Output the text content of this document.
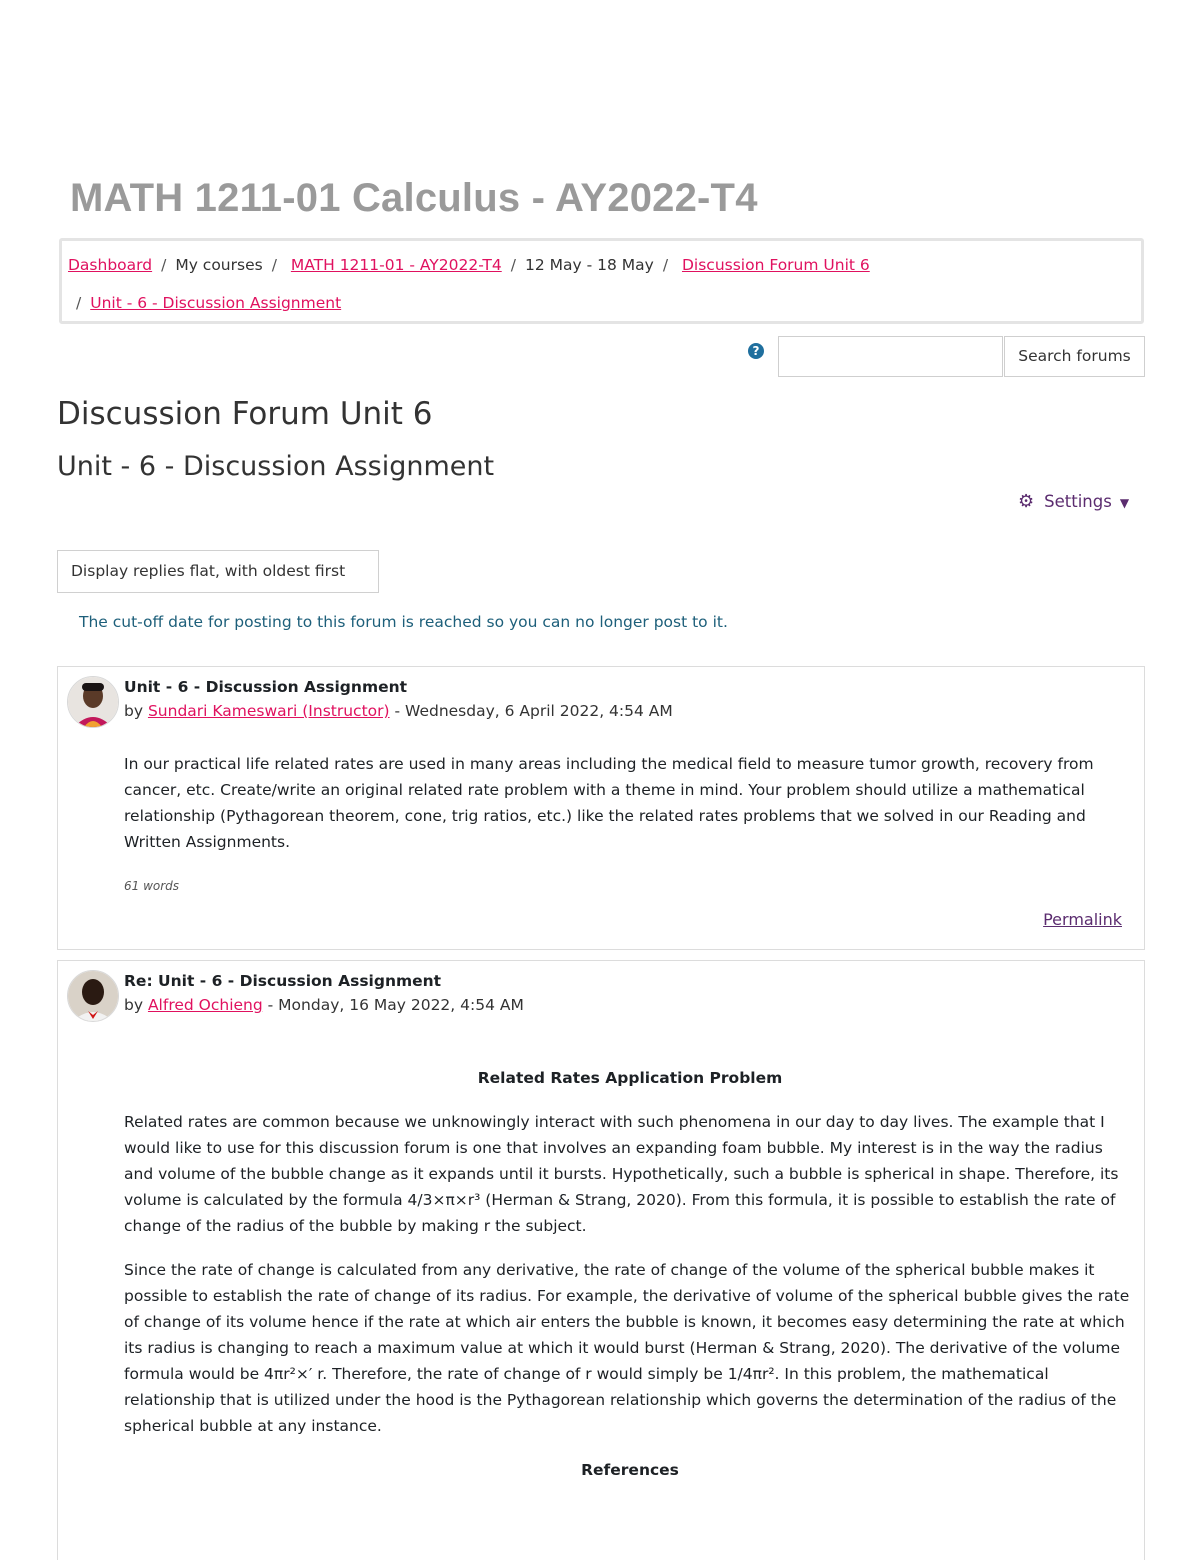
MATH 1211-01 Calculus - AY2022-T4
Dashboard / My courses / MATH 1211-01 - AY2022-T4 / 12 May - 18 May / Discussion Forum Unit 6
/ Unit - 6 - Discussion Assignment
?	Search forums
Discussion Forum Unit 6
Unit - 6 - Discussion Assignment
⚙ Settings ▼
Display replies flat, with oldest first
The cut-off date for posting to this forum is reached so you can no longer post to it.
Unit - 6 - Discussion Assignment
by Sundari Kameswari (Instructor) - Wednesday, 6 April 2022, 4:54 AM

In our practical life related rates are used in many areas including the medical field to measure tumor growth, recovery from cancer, etc. Create/write an original related rate problem with a theme in mind. Your problem should utilize a mathematical relationship (Pythagorean theorem, cone, trig ratios, etc.) like the related rates problems that we solved in our Reading and Written Assignments.

61 words
Permalink
Re: Unit - 6 - Discussion Assignment
by Alfred Ochieng - Monday, 16 May 2022, 4:54 AM

Related Rates Application Problem

Related rates are common because we unknowingly interact with such phenomena in our day to day lives. The example that I would like to use for this discussion forum is one that involves an expanding foam bubble. My interest is in the way the radius and volume of the bubble change as it expands until it bursts. Hypothetically, such a bubble is spherical in shape. Therefore, its volume is calculated by the formula 4/3×π×r³ (Herman & Strang, 2020). From this formula, it is possible to establish the rate of change of the radius of the bubble by making r the subject.

Since the rate of change is calculated from any derivative, the rate of change of the volume of the spherical bubble makes it possible to establish the rate of change of its radius. For example, the derivative of volume of the spherical bubble gives the rate of change of its volume hence if the rate at which air enters the bubble is known, it becomes easy determining the rate at which its radius is changing to reach a maximum value at which it would burst (Herman & Strang, 2020). The derivative of the volume formula would be 4πr²×′ r. Therefore, the rate of change of r would simply be 1/4πr². In this problem, the mathematical relationship that is utilized under the hood is the Pythagorean relationship which governs the determination of the radius of the spherical bubble at any instance.

References
